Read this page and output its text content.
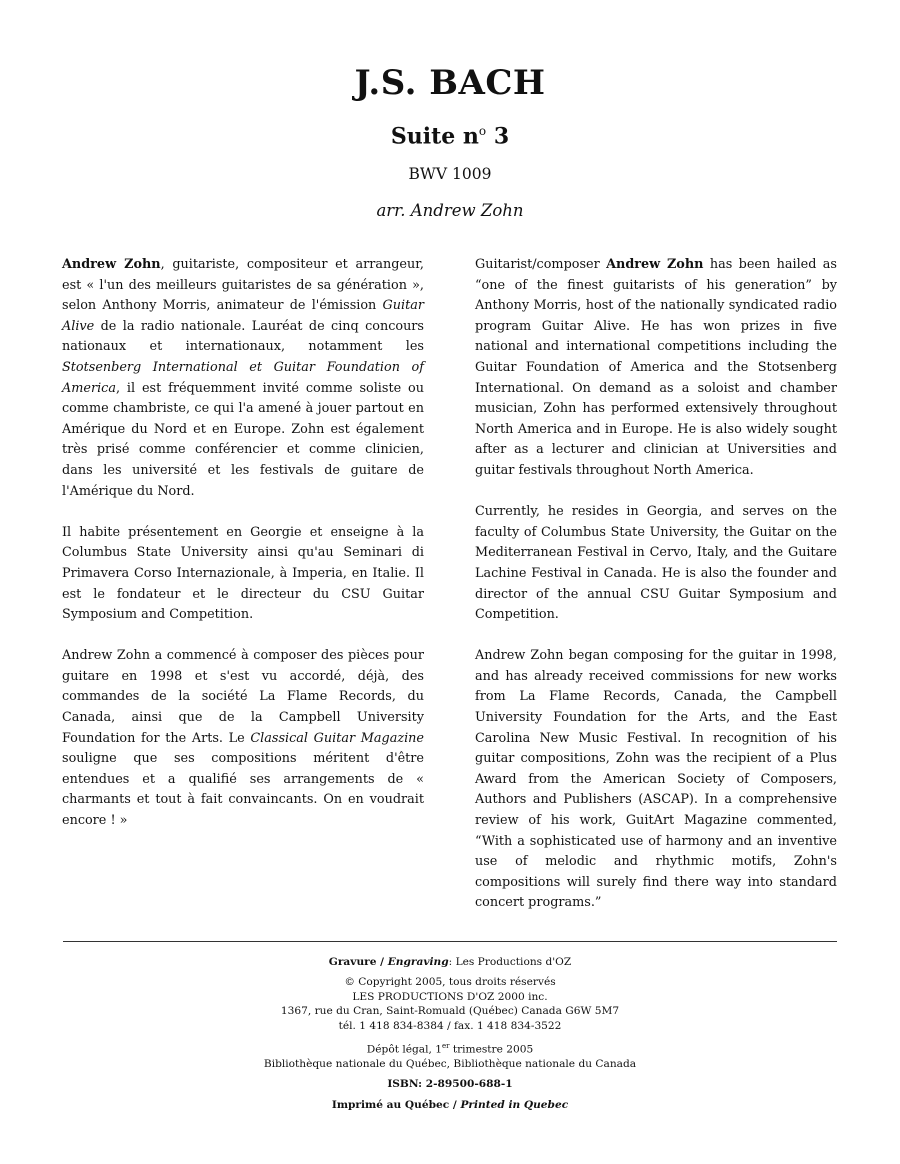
J.S. BACH
Suite $n^o$ 3
BWV 1009
arr. Andrew Zohn

Andrew Zohn, guitariste, compositeur et arrangeur, est « l'un des meilleurs guitaristes de sa génération », selon Anthony Morris, animateur de l'émission Guitar Alive de la radio nationale. Lauréat de cinq concours nationaux et internationaux, notamment les Stotsenberg International et Guitar Foundation of America, il est fréquemment invité comme soliste ou comme chambriste, ce qui l'a amené à jouer partout en Amérique du Nord et en Europe. Zohn est également très prisé comme conférencier et comme clinicien, dans les université et les festivals de guitare de l'Amérique du Nord.

Il habite présentement en Georgie et enseigne à la Columbus State University ainsi qu'au Seminari di Primavera Corso Internazionale, à Imperia, en Italie. Il est le fondateur et le directeur du CSU Guitar Symposium and Competition.

Andrew Zohn a commencé à composer des pièces pour guitare en 1998 et s'est vu accordé, déjà, des commandes de la société La Flame Records, du Canada, ainsi que de la Campbell University Foundation for the Arts. Le Classical Guitar Magazine souligne que ses compositions méritent d'être entendues et a qualifié ses arrangements de « charmants et tout à fait convaincants. On en voudrait encore ! »

Guitarist/composer Andrew Zohn has been hailed as “one of the finest guitarists of his generation” by Anthony Morris, host of the nationally syndicated radio program Guitar Alive. He has won prizes in five national and international competitions including the Guitar Foundation of America and the Stotsenberg International. On demand as a soloist and chamber musician, Zohn has performed extensively throughout North America and in Europe. He is also widely sought after as a lecturer and clinician at Universities and guitar festivals throughout North America.

Currently, he resides in Georgia, and serves on the faculty of Columbus State University, the Guitar on the Mediterranean Festival in Cervo, Italy, and the Guitare Lachine Festival in Canada. He is also the founder and director of the annual CSU Guitar Symposium and Competition.

Andrew Zohn began composing for the guitar in 1998, and has already received commissions for new works from La Flame Records, Canada, the Campbell University Foundation for the Arts, and the East Carolina New Music Festival. In recognition of his guitar compositions, Zohn was the recipient of a Plus Award from the American Society of Composers, Authors and Publishers (ASCAP). In a comprehensive review of his work, GuitArt Magazine commented, “With a sophisticated use of harmony and an inventive use of melodic and rhythmic motifs, Zohn's compositions will surely find there way into standard concert programs.”

Gravure / Engraving: Les Productions d'OZ

© Copyright 2005, tous droits réservés

LES PRODUCTIONS D'OZ 2000 inc.

1367, rue du Cran, Saint-Romuald (Québec) Canada G6W 5M7

tél. 1 418 834-8384 / fax. 1 418 834-3522

Dépôt légal, 1er trimestre 2005

Bibliothèque nationale du Québec, Bibliothèque nationale du Canada

ISBN: 2-89500-688-1

Imprimé au Québec / Printed in Quebec
